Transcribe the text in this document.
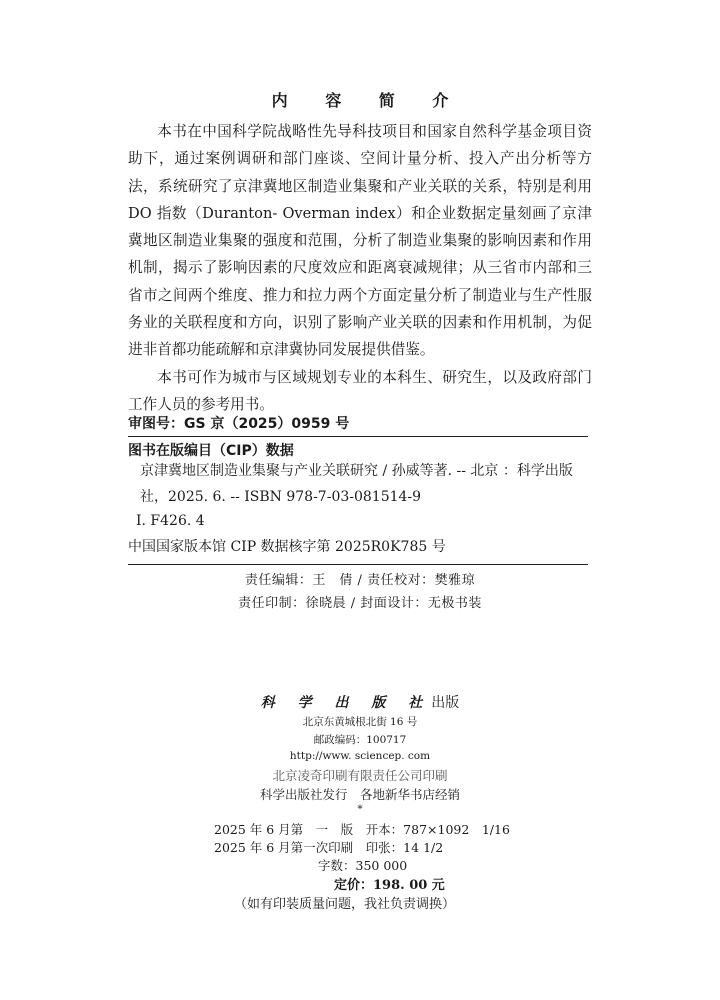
内 容 简 介

本书在中国科学院战略性先导科技项目和国家自然科学基金项目资助下，通过案例调研和部门座谈、空间计量分析、投入产出分析等方法，系统研究了京津冀地区制造业集聚和产业关联的关系，特别是利用 DO 指数（Duranton- Overman index）和企业数据定量刻画了京津冀地区制造业集聚的强度和范围，分析了制造业集聚的影响因素和作用机制，揭示了影响因素的尺度效应和距离衰减规律；从三省市内部和三省市之间两个维度、推力和拉力两个方面定量分析了制造业与生产性服务业的关联程度和方向，识别了影响产业关联的因素和作用机制，为促进非首都功能疏解和京津冀协同发展提供借鉴。

本书可作为城市与区域规划专业的本科生、研究生，以及政府部门工作人员的参考用书。

审图号：GS 京（2025）0959 号
图书在版编目（CIP）数据
京津冀地区制造业集聚与产业关联研究 / 孙威等著. -- 北京 ：科学出版社，2025. 6. -- ISBN 978-7-03-081514-9
Ⅰ. F426. 4
中国国家版本馆 CIP 数据核字第 2025R0K785 号
责任编辑：王　倩 / 责任校对：樊雅琼
责任印制：徐晓晨 / 封面设计：无极书装
科 学 出 版 社出版
北京东黄城根北街 16 号
邮政编码：100717
http://www. sciencep. com
北京凌奇印刷有限责任公司印刷
科学出版社发行　各地新华书店经销
*
2025 年 6 月第　一　版　开本：787×1092　1/16
2025 年 6 月第一次印刷　印张：14 1/2
字数：350 000
定价：198. 00 元
（如有印装质量问题，我社负责调换）
